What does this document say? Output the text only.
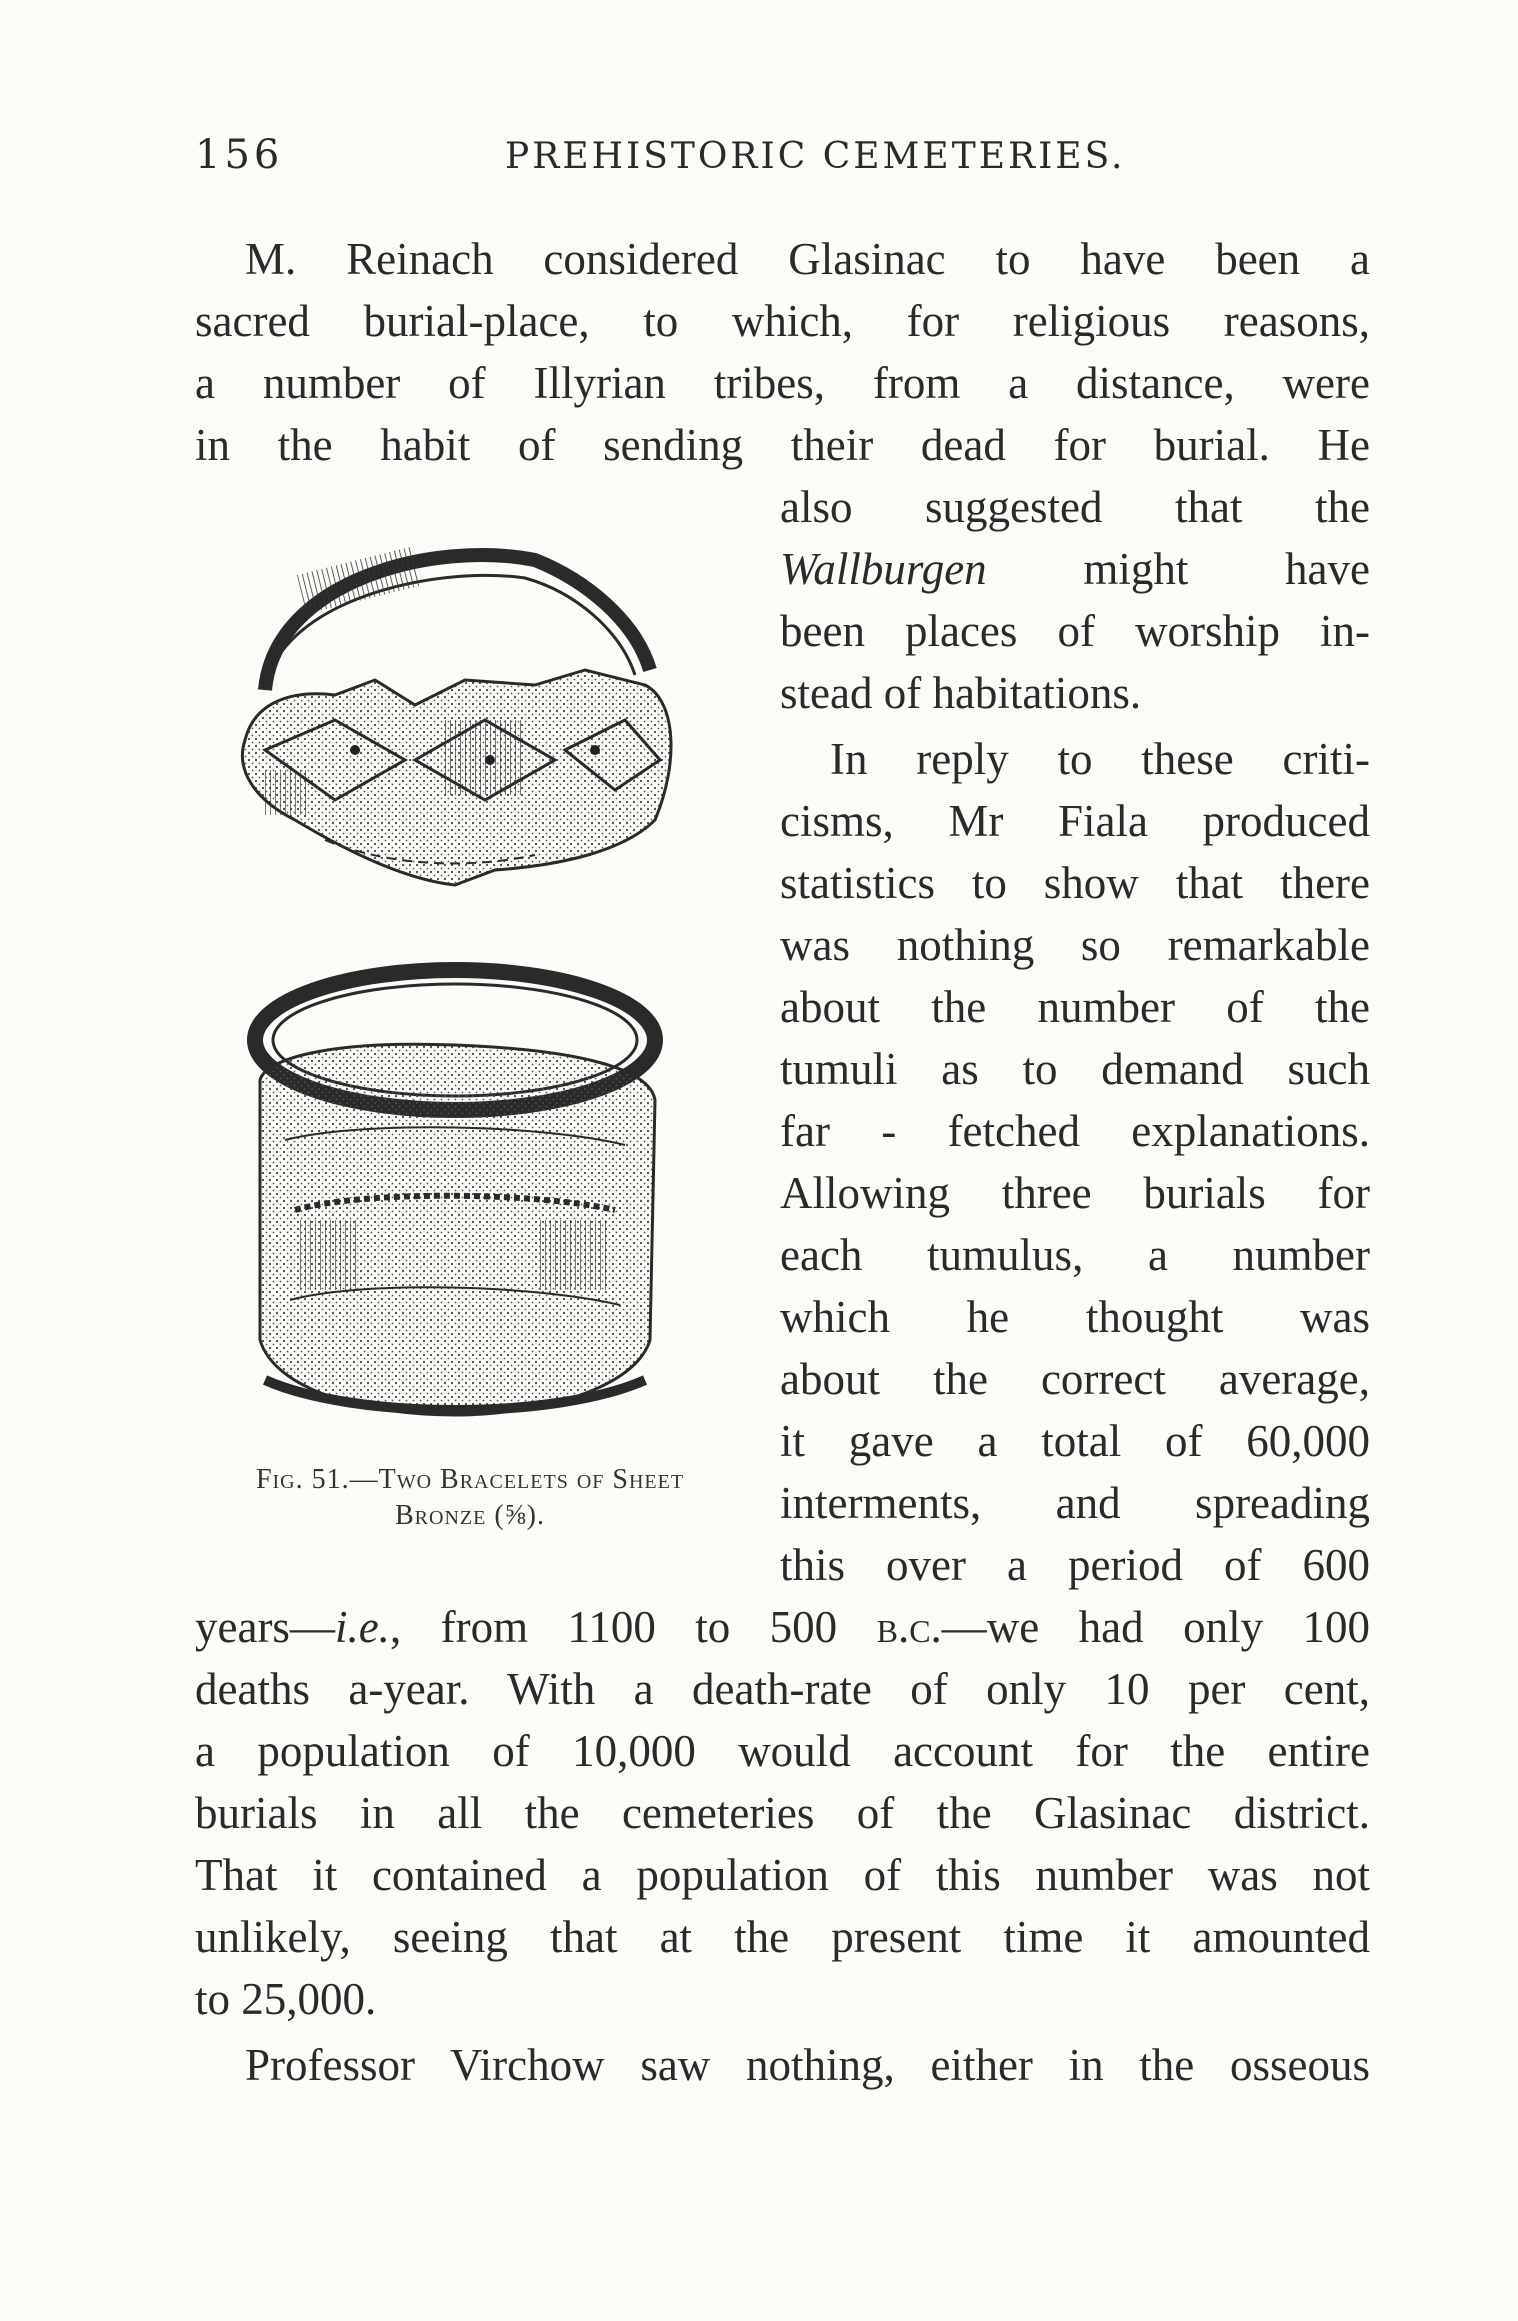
156	PREHISTORIC CEMETERIES.
M. Reinach considered Glasinac to have been a
sacred burial-place, to which, for religious reasons,
a number of Illyrian tribes, from a distance, were
in the habit of sending their dead for burial. He
also suggested that the
Wallburgen might have
been places of worship in-
stead of habitations.
In reply to these criti-
cisms, Mr Fiala produced
statistics to show that there
was nothing so remarkable
about the number of the
tumuli as to demand such
far - fetched explanations.
Allowing three burials for
each tumulus, a number
which he thought was
about the correct average,
it gave a total of 60,000
interments, and spreading
this over a period of 600
years—i.e., from 1100 to 500 b.c.—we had only 100
deaths a-year. With a death-rate of only 10 per cent,
a population of 10,000 would account for the entire
burials in all the cemeteries of the Glasinac district.
That it contained a population of this number was not
unlikely, seeing that at the present time it amounted
to 25,000.
Professor Virchow saw nothing, either in the osseous
Fig. 51.—Two Bracelets of Sheet
Bronze (⅝).
